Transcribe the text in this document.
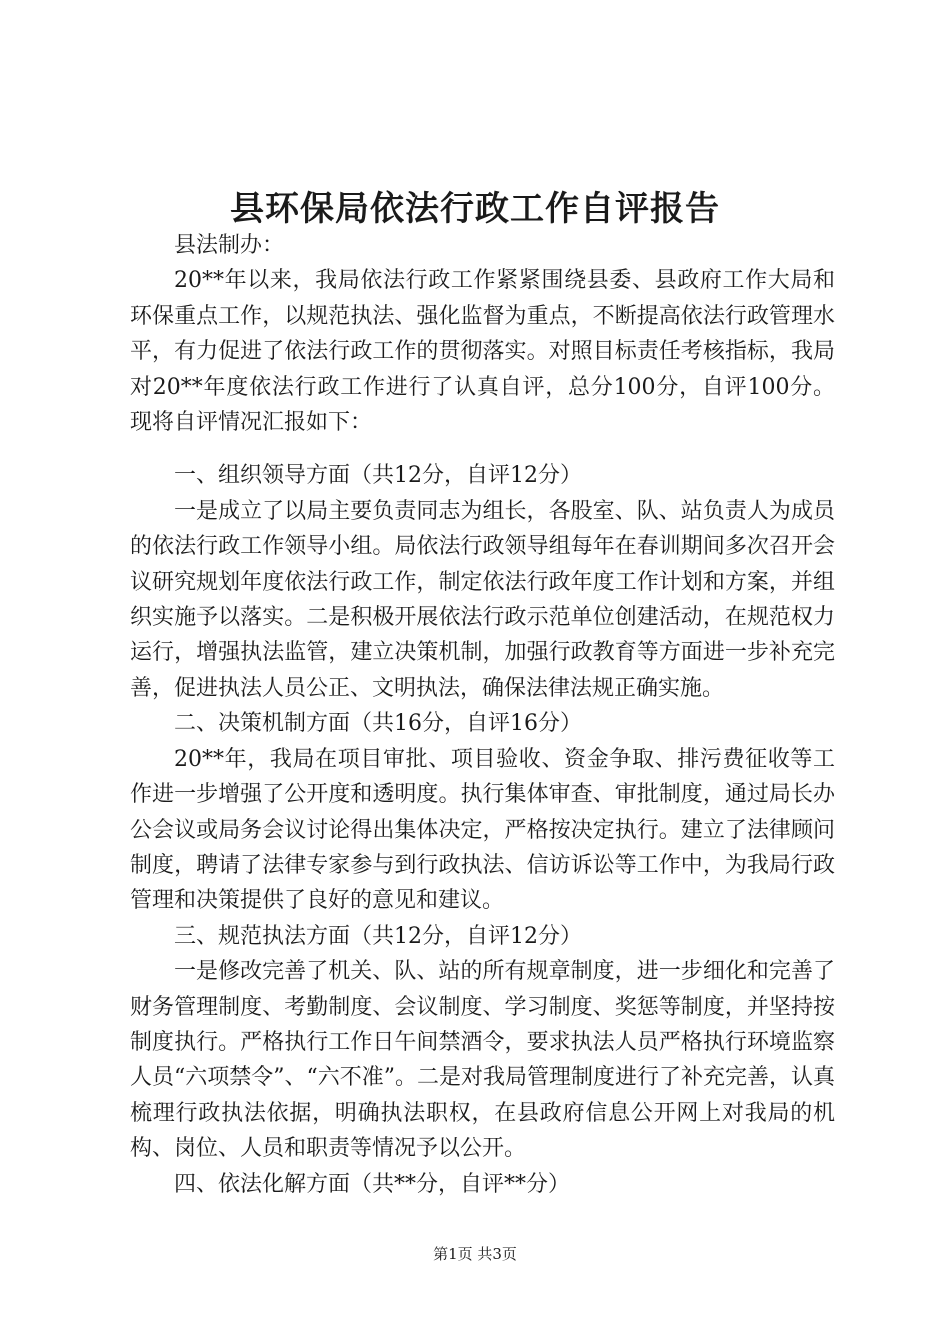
县环保局依法行政工作自评报告

县法制办：

20**年以来，我局依法行政工作紧紧围绕县委、县政府工作大局和环保重点工作，以规范执法、强化监督为重点，不断提高依法行政管理水平，有力促进了依法行政工作的贯彻落实。对照目标责任考核指标，我局对20**年度依法行政工作进行了认真自评，总分100分，自评100分。现将自评情况汇报如下：

一、组织领导方面（共12分，自评12分）

一是成立了以局主要负责同志为组长，各股室、队、站负责人为成员的依法行政工作领导小组。局依法行政领导组每年在春训期间多次召开会议研究规划年度依法行政工作，制定依法行政年度工作计划和方案，并组织实施予以落实。二是积极开展依法行政示范单位创建活动，在规范权力运行，增强执法监管，建立决策机制，加强行政教育等方面进一步补充完善，促进执法人员公正、文明执法，确保法律法规正确实施。

二、决策机制方面（共16分，自评16分）

20**年，我局在项目审批、项目验收、资金争取、排污费征收等工作进一步增强了公开度和透明度。执行集体审查、审批制度，通过局长办公会议或局务会议讨论得出集体决定，严格按决定执行。建立了法律顾问制度，聘请了法律专家参与到行政执法、信访诉讼等工作中，为我局行政管理和决策提供了良好的意见和建议。

三、规范执法方面（共12分，自评12分）

一是修改完善了机关、队、站的所有规章制度，进一步细化和完善了财务管理制度、考勤制度、会议制度、学习制度、奖惩等制度，并坚持按制度执行。严格执行工作日午间禁酒令，要求执法人员严格执行环境监察人员“六项禁令”、“六不准”。二是对我局管理制度进行了补充完善，认真梳理行政执法依据，明确执法职权，在县政府信息公开网上对我局的机构、岗位、人员和职责等情况予以公开。

四、依法化解方面（共**分，自评**分）

第1页 共3页
